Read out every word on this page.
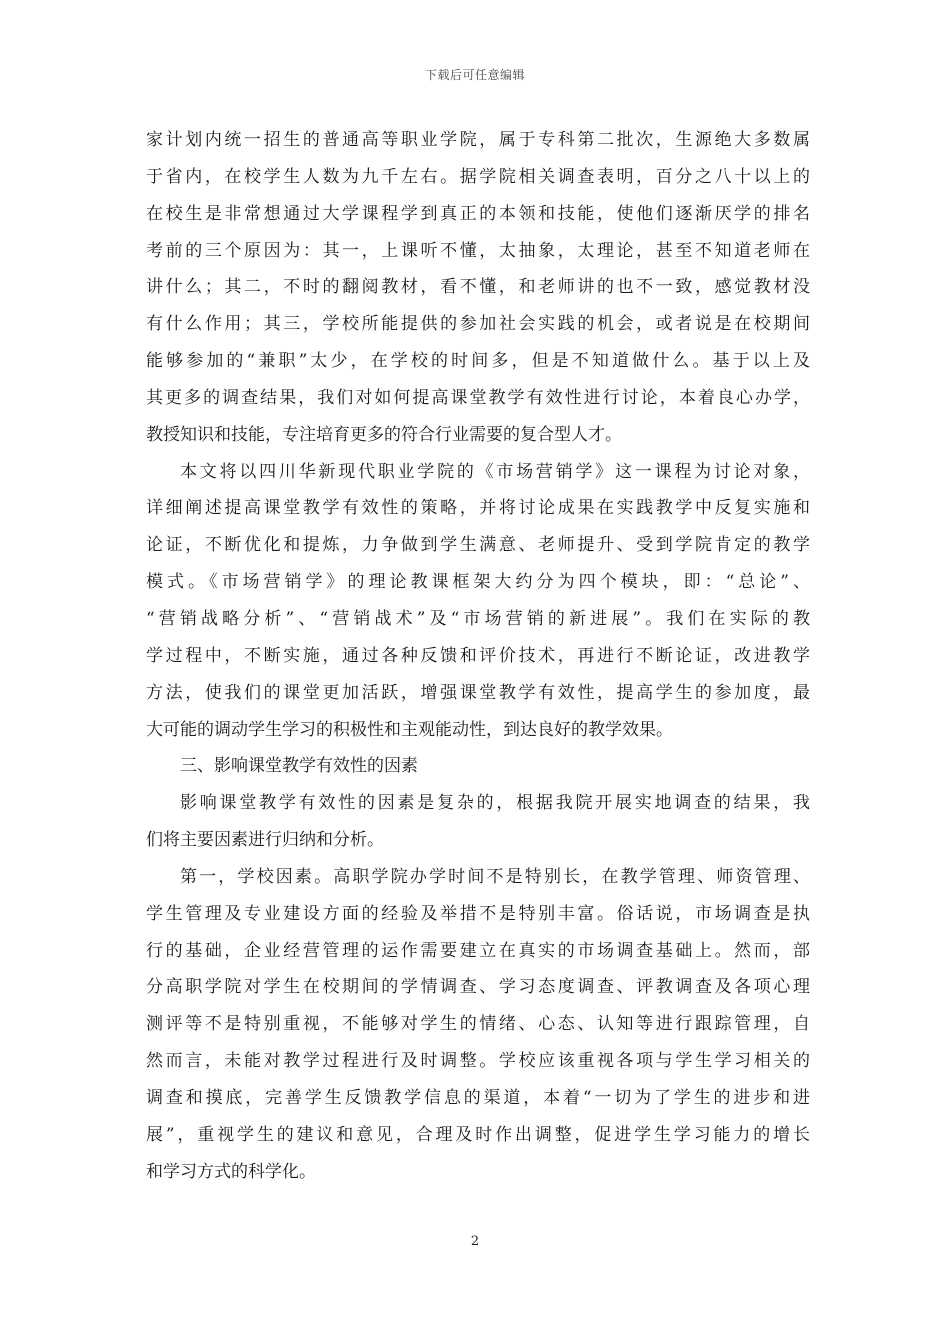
下载后可任意编辑
家计划内统一招生的普通高等职业学院，属于专科第二批次，生源绝大多数属
于省内，在校学生人数为九千左右。据学院相关调查表明，百分之八十以上的
在校生是非常想通过大学课程学到真正的本领和技能，使他们逐渐厌学的排名
考前的三个原因为：其一，上课听不懂，太抽象，太理论，甚至不知道老师在
讲什么；其二，不时的翻阅教材，看不懂，和老师讲的也不一致，感觉教材没
有什么作用；其三，学校所能提供的参加社会实践的机会，或者说是在校期间
能够参加的“兼职”太少，在学校的时间多，但是不知道做什么。基于以上及
其更多的调查结果，我们对如何提高课堂教学有效性进行讨论，本着良心办学，
教授知识和技能，专注培育更多的符合行业需要的复合型人才。
本文将以四川华新现代职业学院的《市场营销学》这一课程为讨论对象，
详细阐述提高课堂教学有效性的策略，并将讨论成果在实践教学中反复实施和
论证，不断优化和提炼，力争做到学生满意、老师提升、受到学院肯定的教学
模式。《市场营销学》的理论教课框架大约分为四个模块，即：“总论”、
“营销战略分析”、“营销战术”及“市场营销的新进展”。我们在实际的教
学过程中，不断实施，通过各种反馈和评价技术，再进行不断论证，改进教学
方法，使我们的课堂更加活跃，增强课堂教学有效性，提高学生的参加度，最
大可能的调动学生学习的积极性和主观能动性，到达良好的教学效果。
三、影响课堂教学有效性的因素
影响课堂教学有效性的因素是复杂的，根据我院开展实地调查的结果，我
们将主要因素进行归纳和分析。
第一，学校因素。高职学院办学时间不是特别长，在教学管理、师资管理、
学生管理及专业建设方面的经验及举措不是特别丰富。俗话说，市场调查是执
行的基础，企业经营管理的运作需要建立在真实的市场调查基础上。然而，部
分高职学院对学生在校期间的学情调查、学习态度调查、评教调查及各项心理
测评等不是特别重视，不能够对学生的情绪、心态、认知等进行跟踪管理，自
然而言，未能对教学过程进行及时调整。学校应该重视各项与学生学习相关的
调查和摸底，完善学生反馈教学信息的渠道，本着“一切为了学生的进步和进
展”，重视学生的建议和意见，合理及时作出调整，促进学生学习能力的增长
和学习方式的科学化。
2
